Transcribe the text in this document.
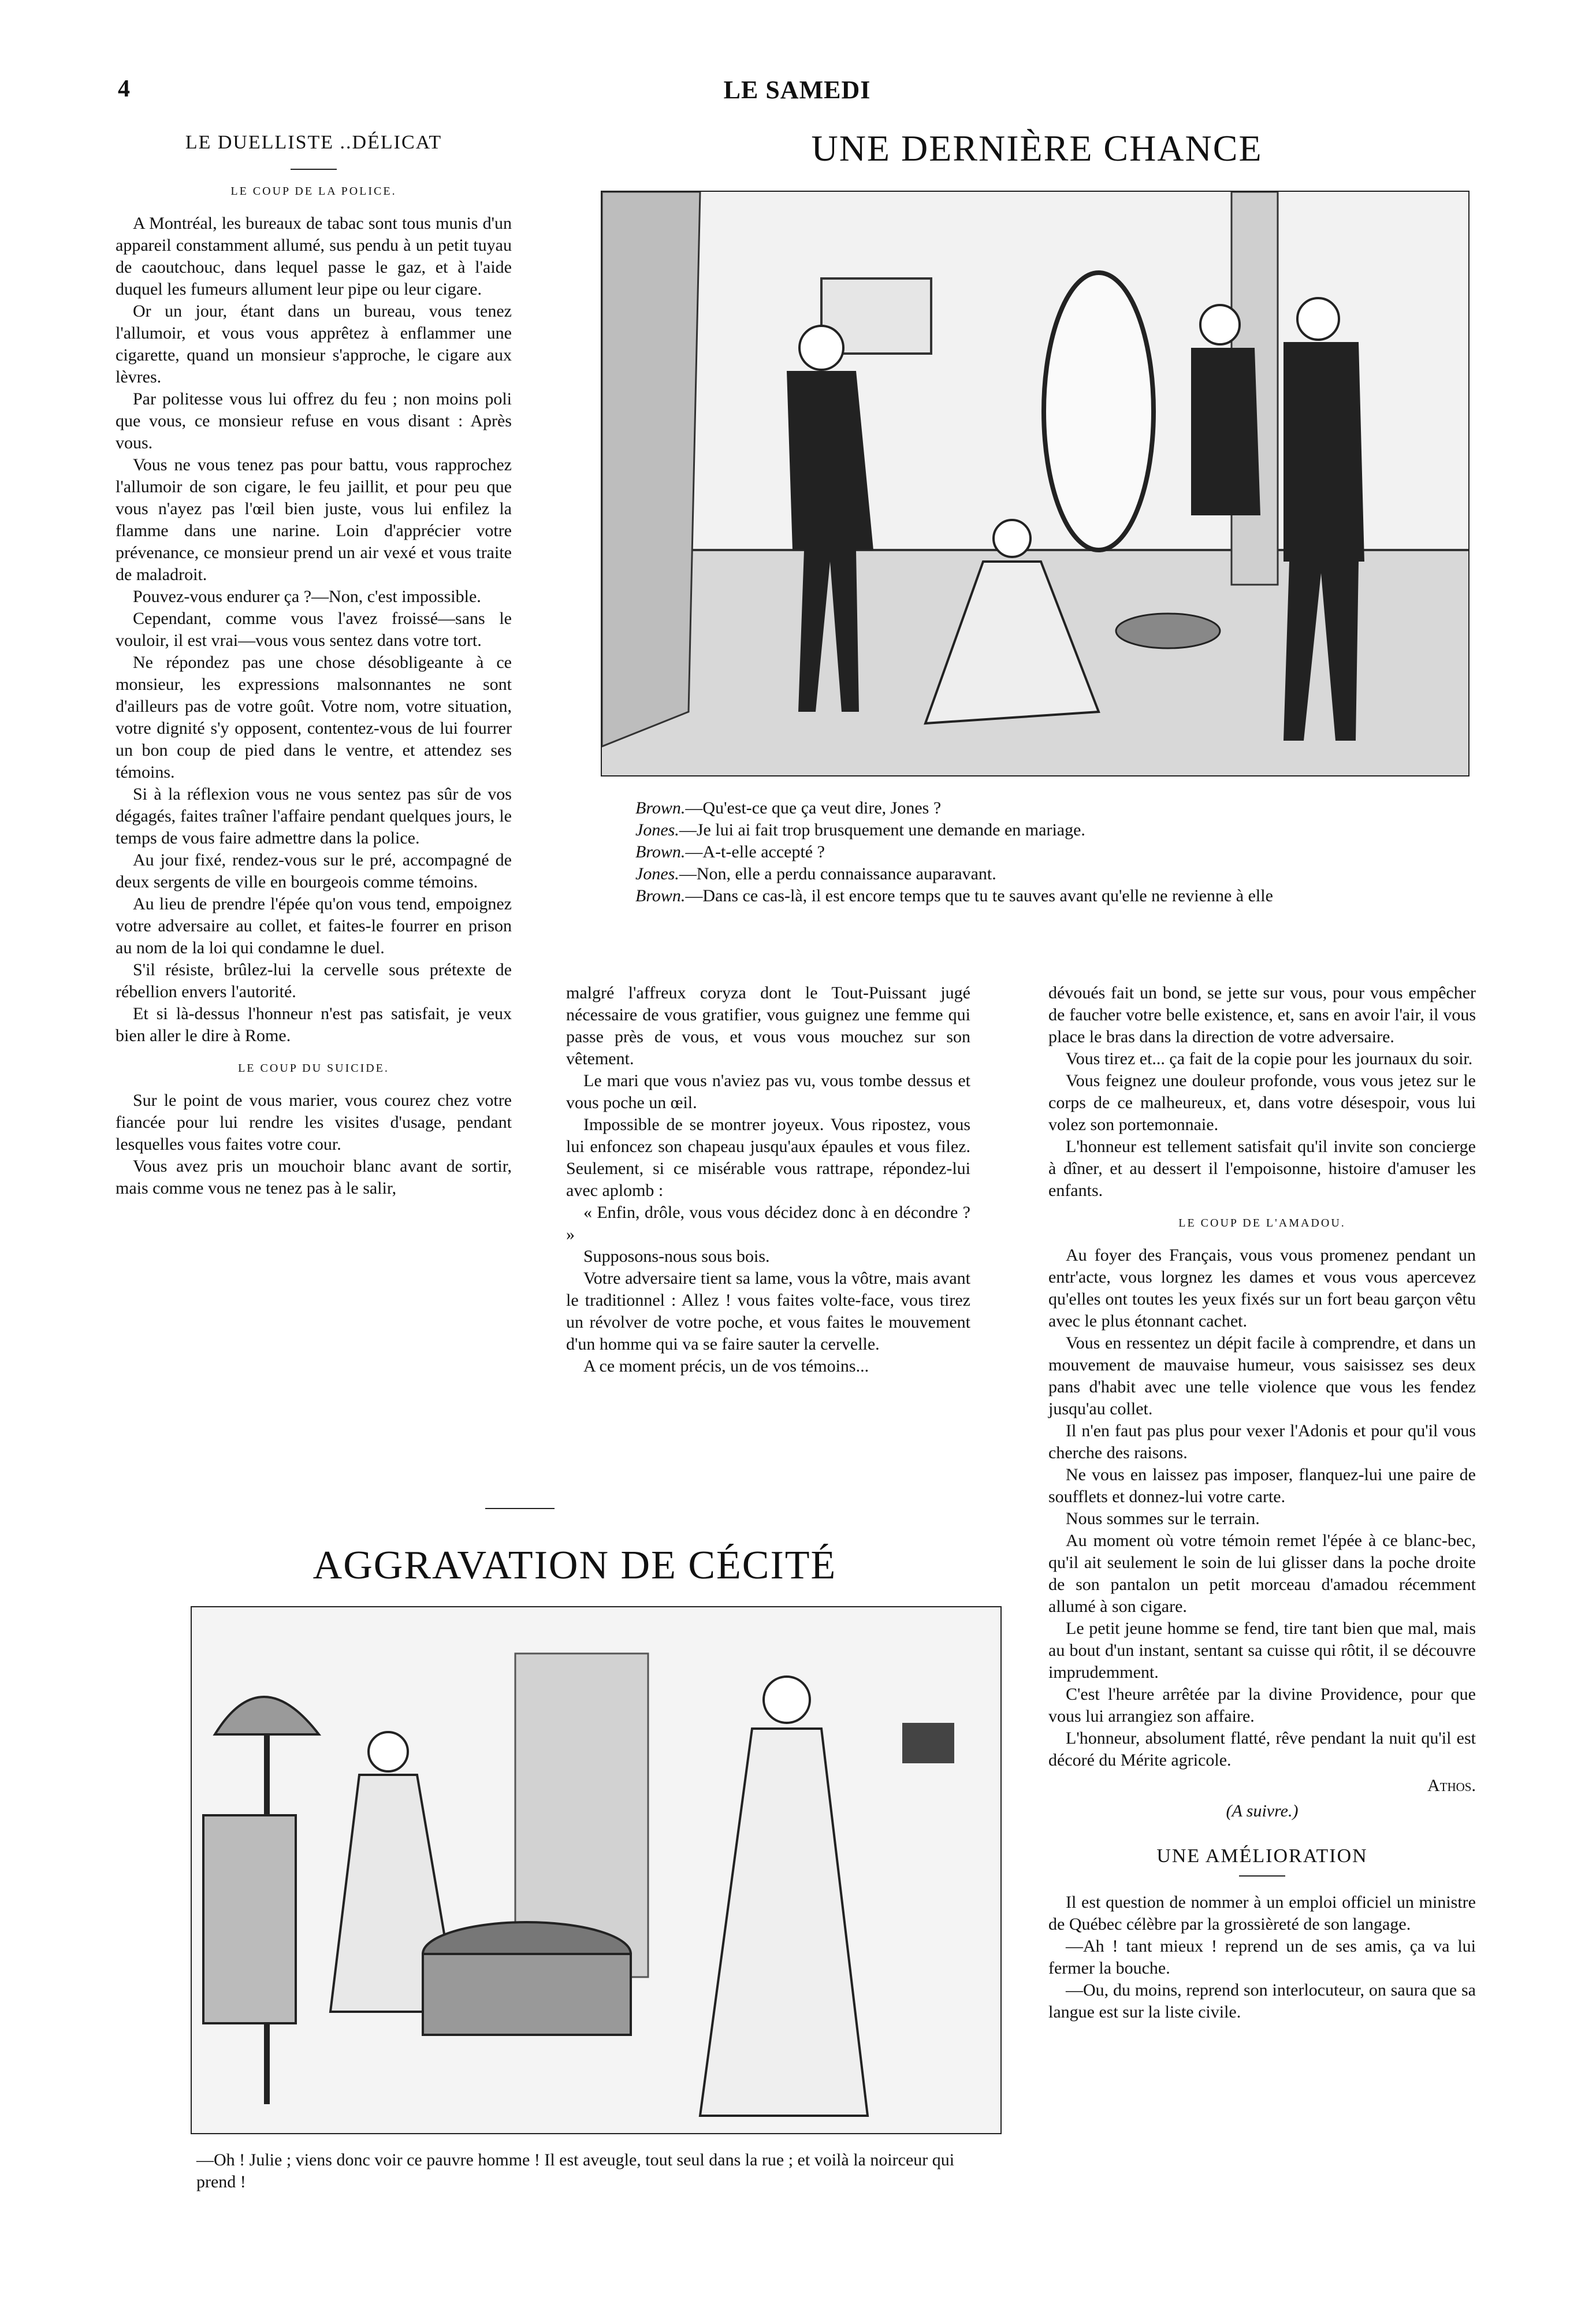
4	LE SAMEDI
LE DUELLISTE ..DÉLICAT
LE COUP DE LA POLICE.

A Montréal, les bureaux de tabac sont tous munis d'un appareil constamment allumé, sus pendu à un petit tuyau de caoutchouc, dans lequel passe le gaz, et à l'aide duquel les fumeurs allument leur pipe ou leur cigare.

Or un jour, étant dans un bureau, vous tenez l'allumoir, et vous vous apprêtez à enflammer une cigarette, quand un monsieur s'approche, le cigare aux lèvres.

Par politesse vous lui offrez du feu ; non moins poli que vous, ce monsieur refuse en vous disant : Après vous.

Vous ne vous tenez pas pour battu, vous rapprochez l'allumoir de son cigare, le feu jaillit, et pour peu que vous n'ayez pas l'œil bien juste, vous lui enfilez la flamme dans une narine. Loin d'apprécier votre prévenance, ce monsieur prend un air vexé et vous traite de maladroit.

Pouvez-vous endurer ça ?—Non, c'est impossible.

Cependant, comme vous l'avez froissé—sans le vouloir, il est vrai—vous vous sentez dans votre tort.

Ne répondez pas une chose désobligeante à ce monsieur, les expressions malsonnantes ne sont d'ailleurs pas de votre goût. Votre nom, votre situation, votre dignité s'y opposent, contentez-vous de lui fourrer un bon coup de pied dans le ventre, et attendez ses témoins.

Si à la réflexion vous ne vous sentez pas sûr de vos dégagés, faites traîner l'affaire pendant quelques jours, le temps de vous faire admettre dans la police.

Au jour fixé, rendez-vous sur le pré, accompagné de deux sergents de ville en bourgeois comme témoins.

Au lieu de prendre l'épée qu'on vous tend, empoignez votre adversaire au collet, et faites-le fourrer en prison au nom de la loi qui condamne le duel.

S'il résiste, brûlez-lui la cervelle sous prétexte de rébellion envers l'autorité.

Et si là-dessus l'honneur n'est pas satisfait, je veux bien aller le dire à Rome.

LE COUP DU SUICIDE.

Sur le point de vous marier, vous courez chez votre fiancée pour lui rendre les visites d'usage, pendant lesquelles vous faites votre cour.

Vous avez pris un mouchoir blanc avant de sortir, mais comme vous ne tenez pas à le salir,

UNE DERNIÈRE CHANCE
Brown.—Qu'est-ce que ça veut dire, Jones ?
Jones.—Je lui ai fait trop brusquement une demande en mariage.
Brown.—A-t-elle accepté ?
Jones.—Non, elle a perdu connaissance auparavant.
Brown.—Dans ce cas-là, il est encore temps que tu te sauves avant qu'elle ne revienne à elle

malgré l'affreux coryza dont le Tout-Puissant jugé nécessaire de vous gratifier, vous guignez une femme qui passe près de vous, et vous vous mouchez sur son vêtement.

Le mari que vous n'aviez pas vu, vous tombe dessus et vous poche un œil.

Impossible de se montrer joyeux. Vous ripostez, vous lui enfoncez son chapeau jusqu'aux épaules et vous filez. Seulement, si ce misérable vous rattrape, répondez-lui avec aplomb :

« Enfin, drôle, vous vous décidez donc à en décondre ? »

Supposons-nous sous bois.

Votre adversaire tient sa lame, vous la vôtre, mais avant le traditionnel : Allez ! vous faites volte-face, vous tirez un révolver de votre poche, et vous faites le mouvement d'un homme qui va se faire sauter la cervelle.

A ce moment précis, un de vos témoins...

dévoués fait un bond, se jette sur vous, pour vous empêcher de faucher votre belle existence, et, sans en avoir l'air, il vous place le bras dans la direction de votre adversaire.

Vous tirez et... ça fait de la copie pour les journaux du soir.

Vous feignez une douleur profonde, vous vous jetez sur le corps de ce malheureux, et, dans votre désespoir, vous lui volez son portemonnaie.

L'honneur est tellement satisfait qu'il invite son concierge à dîner, et au dessert il l'empoisonne, histoire d'amuser les enfants.

LE COUP DE L'AMADOU.

Au foyer des Français, vous vous promenez pendant un entr'acte, vous lorgnez les dames et vous vous apercevez qu'elles ont toutes les yeux fixés sur un fort beau garçon vêtu avec le plus étonnant cachet.

Vous en ressentez un dépit facile à comprendre, et dans un mouvement de mauvaise humeur, vous saisissez ses deux pans d'habit avec une telle violence que vous les fendez jusqu'au collet.

Il n'en faut pas plus pour vexer l'Adonis et pour qu'il vous cherche des raisons.

Ne vous en laissez pas imposer, flanquez-lui une paire de soufflets et donnez-lui votre carte.

Nous sommes sur le terrain.

Au moment où votre témoin remet l'épée à ce blanc-bec, qu'il ait seulement le soin de lui glisser dans la poche droite de son pantalon un petit morceau d'amadou récemment allumé à son cigare.

Le petit jeune homme se fend, tire tant bien que mal, mais au bout d'un instant, sentant sa cuisse qui rôtit, il se découvre imprudemment.

C'est l'heure arrêtée par la divine Providence, pour que vous lui arrangiez son affaire.

L'honneur, absolument flatté, rêve pendant la nuit qu'il est décoré du Mérite agricole.

Athos.
(A suivre.)
UNE AMÉLIORATION

Il est question de nommer à un emploi officiel un ministre de Québec célèbre par la grossièreté de son langage.

—Ah ! tant mieux ! reprend un de ses amis, ça va lui fermer la bouche.

—Ou, du moins, reprend son interlocuteur, on saura que sa langue est sur la liste civile.

AGGRAVATION DE CÉCITÉ
—Oh ! Julie ; viens donc voir ce pauvre homme ! Il est aveugle, tout seul dans la rue ; et voilà la noirceur qui prend !
